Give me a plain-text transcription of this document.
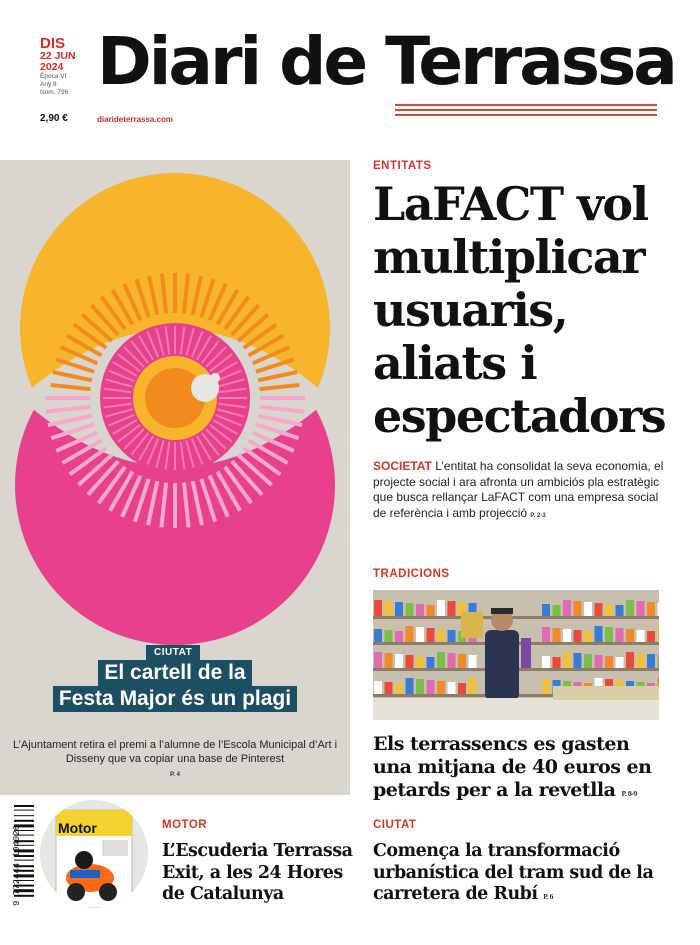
DIS
22 JUN
2024
Època VI
Any 8
Núm. 796
2,90 €
Diari de Terrassa
diarideterrassa.com
CIUTAT
El cartell de la
Festa Major és un plagi
L’Ajuntament retira el premi a l’alumne de l’Escola Municipal d’Art i Disseny que va copiar una base de Pinterest
P. 4
ENTITATS
LaFACT vol multiplicar usuaris, aliats i espectadors
SOCIETAT L’entitat ha consolidat la seva economia, el projecte social i ara afronta un ambiciós pla estratègic que busca rellançar LaFACT com una empresa social de referència i amb projecció P. 2-3
TRADICIONS
Els terrassencs es gasten una mitjana de 40 euros en petards per a la revetlla P. 8-9
9 772444 104026	Motor	MOTOR
L’Escuderia Terrassa Exit, a les 24 Hores de Catalunya
CIUTAT
Comença la transformació urbanística del tram sud de la carretera de Rubí P. 6
